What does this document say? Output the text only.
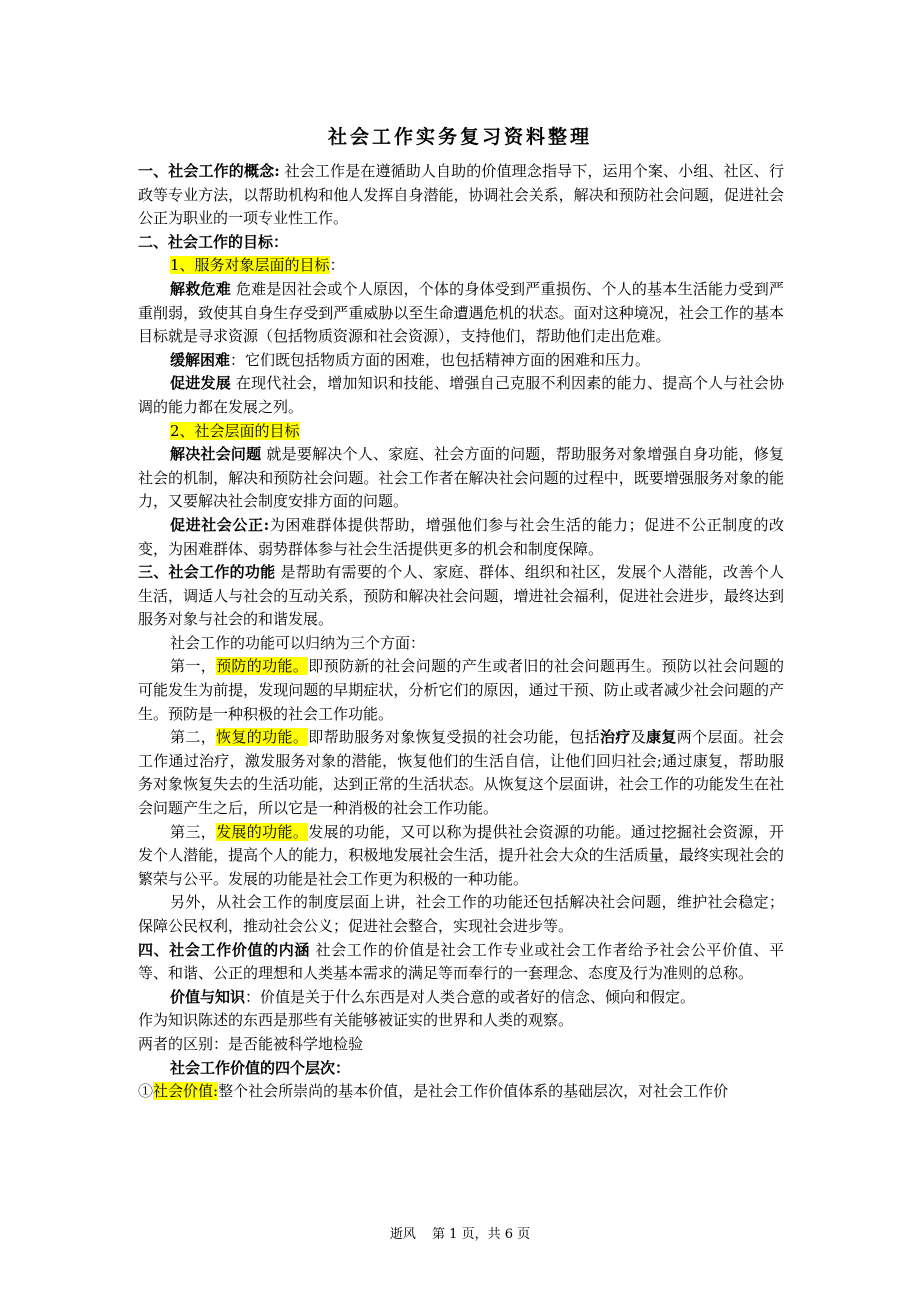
社会工作实务复习资料整理

一、社会工作的概念: 社会工作是在遵循助人自助的价值理念指导下，运用个案、小组、社区、行政等专业方法，以帮助机构和他人发挥自身潜能，协调社会关系，解决和预防社会问题，促进社会公正为职业的一项专业性工作。

二、社会工作的目标：

1、服务对象层面的目标：

解救危难 危难是因社会或个人原因，个体的身体受到严重损伤、个人的基本生活能力受到严重削弱，致使其自身生存受到严重威胁以至生命遭遇危机的状态。面对这种境况，社会工作的基本目标就是寻求资源（包括物质资源和社会资源），支持他们，帮助他们走出危难。

缓解困难：它们既包括物质方面的困难，也包括精神方面的困难和压力。

促进发展 在现代社会，增加知识和技能、增强自己克服不利因素的能力、提高个人与社会协调的能力都在发展之列。

2、社会层面的目标

解决社会问题 就是要解决个人、家庭、社会方面的问题，帮助服务对象增强自身功能，修复社会的机制，解决和预防社会问题。社会工作者在解决社会问题的过程中，既要增强服务对象的能力，又要解决社会制度安排方面的问题。

促进社会公正:为困难群体提供帮助，增强他们参与社会生活的能力；促进不公正制度的改变，为困难群体、弱势群体参与社会生活提供更多的机会和制度保障。

三、社会工作的功能 是帮助有需要的个人、家庭、群体、组织和社区，发展个人潜能，改善个人生活，调适人与社会的互动关系，预防和解决社会问题，增进社会福利，促进社会进步，最终达到服务对象与社会的和谐发展。

社会工作的功能可以归纳为三个方面：

第一，预防的功能。即预防新的社会问题的产生或者旧的社会问题再生。预防以社会问题的可能发生为前提，发现问题的早期症状，分析它们的原因，通过干预、防止或者减少社会问题的产生。预防是一种积极的社会工作功能。

第二，恢复的功能。即帮助服务对象恢复受损的社会功能，包括治疗及康复两个层面。社会工作通过治疗，激发服务对象的潜能，恢复他们的生活自信，让他们回归社会;通过康复，帮助服务对象恢复失去的生活功能，达到正常的生活状态。从恢复这个层面讲，社会工作的功能发生在社会问题产生之后，所以它是一种消极的社会工作功能。

第三，发展的功能。发展的功能，又可以称为提供社会资源的功能。通过挖掘社会资源，开发个人潜能，提高个人的能力，积极地发展社会生活，提升社会大众的生活质量，最终实现社会的繁荣与公平。发展的功能是社会工作更为积极的一种功能。

另外，从社会工作的制度层面上讲，社会工作的功能还包括解决社会问题，维护社会稳定；保障公民权利，推动社会公义；促进社会整合，实现社会进步等。

四、社会工作价值的内涵 社会工作的价值是社会工作专业或社会工作者给予社会公平价值、平等、和谐、公正的理想和人类基本需求的满足等而奉行的一套理念、态度及行为准则的总称。

价值与知识：价值是关于什么东西是对人类合意的或者好的信念、倾向和假定。

作为知识陈述的东西是那些有关能够被证实的世界和人类的观察。

两者的区别：是否能被科学地检验

社会工作价值的四个层次：

①社会价值:整个社会所崇尚的基本价值，是社会工作价值体系的基础层次，对社会工作价

逝风 第 1 页，共 6 页
